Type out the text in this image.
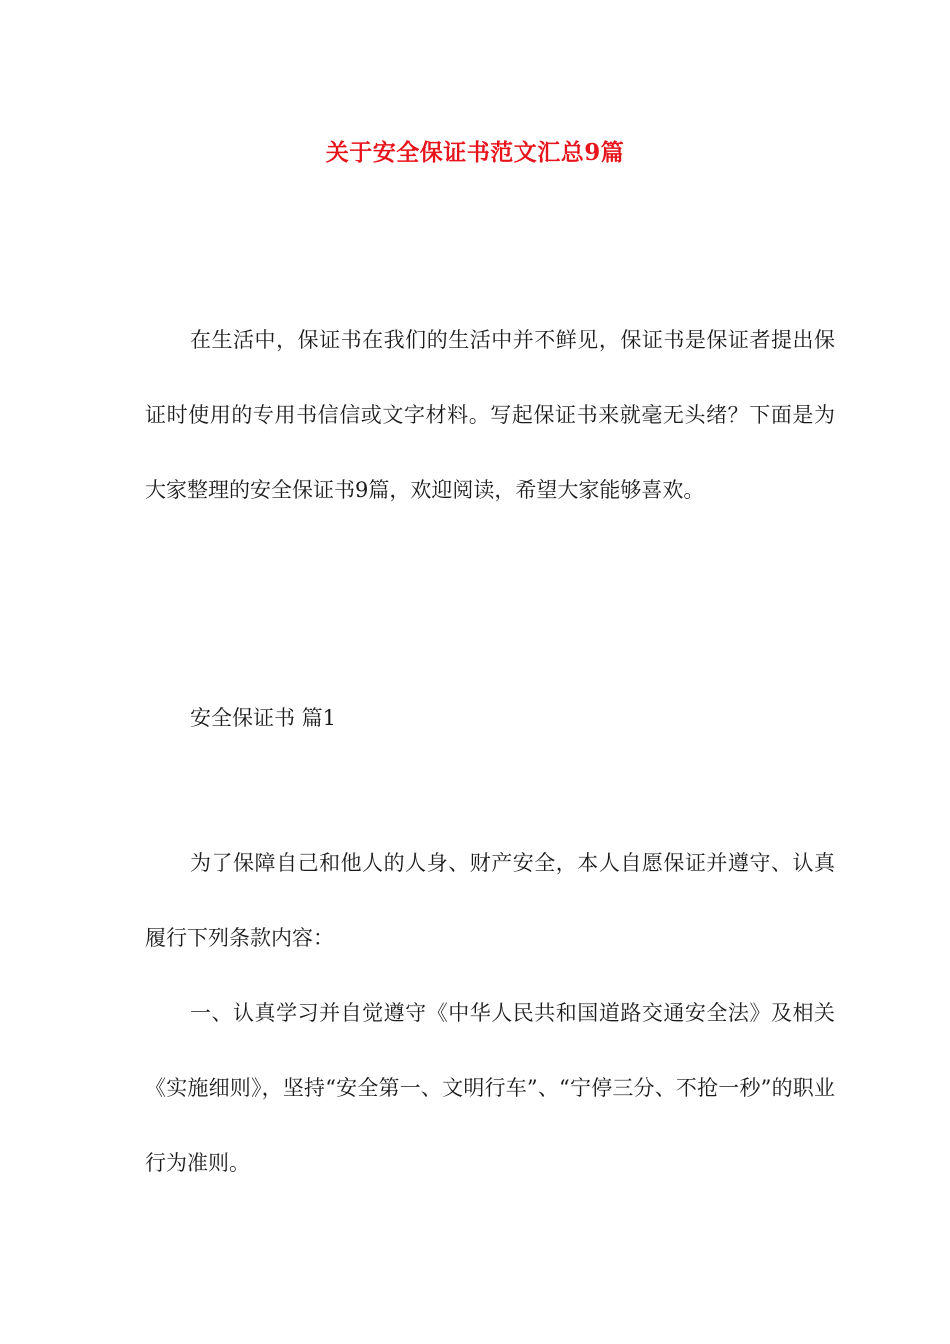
关于安全保证书范文汇总9篇

在生活中，保证书在我们的生活中并不鲜见，保证书是保证者提出保证时使用的专用书信信或文字材料。写起保证书来就毫无头绪？下面是为大家整理的安全保证书9篇，欢迎阅读，希望大家能够喜欢。

安全保证书 篇1

为了保障自己和他人的人身、财产安全，本人自愿保证并遵守、认真履行下列条款内容：

一、认真学习并自觉遵守《中华人民共和国道路交通安全法》及相关《实施细则》，坚持“安全第一、文明行车”、“宁停三分、不抢一秒”的职业行为准则。
